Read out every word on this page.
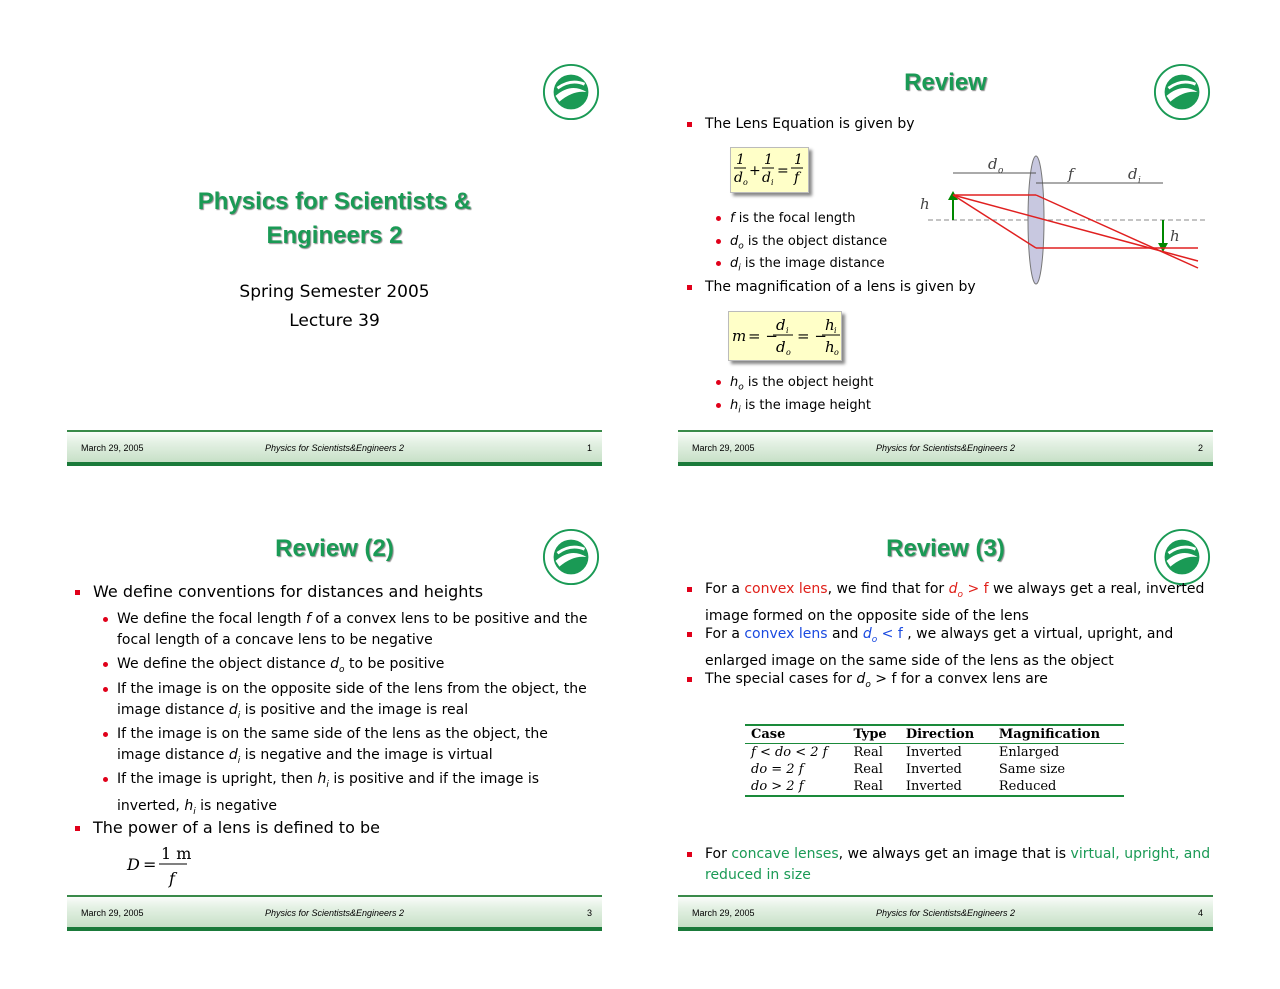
Physics for Scientists &
Engineers 2
Spring Semester 2005
Lecture 39
March 29, 2005	Physics for Scientists&Engineers 2	1
Review
The Lens Equation is given by
1
d o
+
1
d i
=
1
f
f is the focal length
$d_o$ is the object distance
$d_i$ is the image distance
d o	f	d i
h
h
The magnification of a lens is given by
m = −
d i
d o
= −
h i
h o
$h_o$ is the object height
$h_i$ is the image height
March 29, 2005	Physics for Scientists&Engineers 2	2
Review (2)
We define conventions for distances and heights
We define the focal length f of a convex lens to be positive and the
focal length of a concave lens to be negative
We define the object distance $d_o$ to be positive
If the image is on the opposite side of the lens from the object, the
image distance $d_i$ is positive and the image is real
If the image is on the same side of the lens as the object, the
image distance $d_i$ is negative and the image is virtual
If the image is upright, then $h_i$ is positive and if the image is
inverted, $h_i$ is negative
The power of a lens is defined to be
D =
1 m
f
March 29, 2005	Physics for Scientists&Engineers 2	3
Review (3)
For a convex lens, we find that for $d_o > f$ we always get a real, inverted
image formed on the opposite side of the lens
For a convex lens and $d_o < f$ , we always get a virtual, upright, and
enlarged image on the same side of the lens as the object
The special cases for $d_o > f$ for a convex lens are
Case	Type	Direction	Magnification
f < do < 2 f	Real	Inverted	Enlarged
do = 2 f	Real	Inverted	Same size
do > 2 f	Real	Inverted	Reduced
For concave lenses, we always get an image that is virtual, upright, and
reduced in size
March 29, 2005	Physics for Scientists&Engineers 2	4
